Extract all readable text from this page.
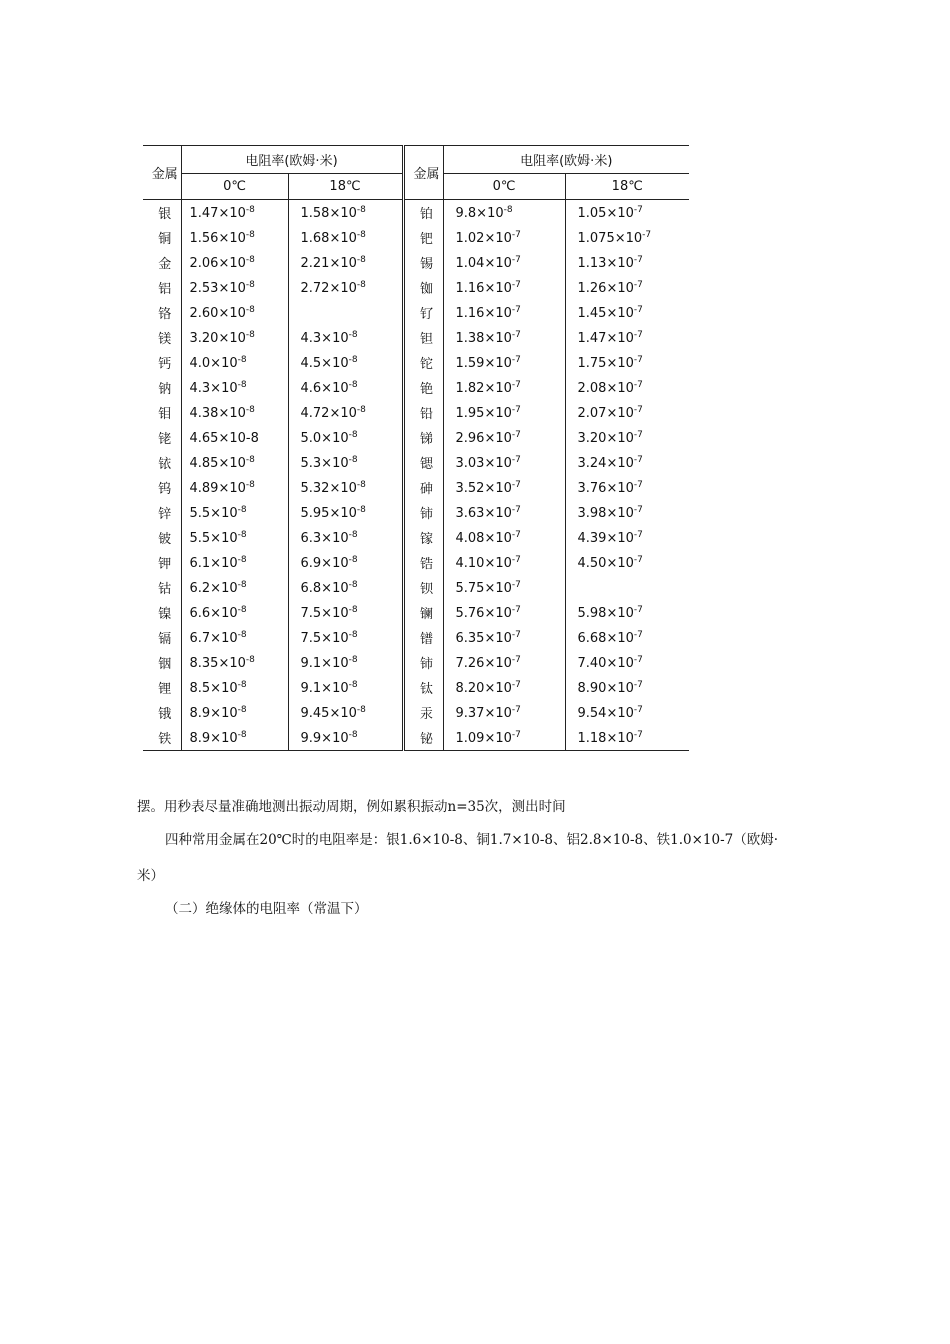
金属	电阻率(欧姆·米)		金属	电阻率(欧姆·米)	
	0℃	18℃		0℃	18℃
银	$1.47\times 10^{-8}$	$1.58\times 10^{-8}$	铂	$9.8\times 10^{-8}$	$1.05\times 10^{-7}$
铜	$1.56\times 10^{-8}$	$1.68\times 10^{-8}$	钯	$1.02\times 10^{-7}$	$1.075\times 10^{-7}$
金	$2.06\times 10^{-8}$	$2.21\times 10^{-8}$	锡	$1.04\times 10^{-7}$	$1.13\times 10^{-7}$
铝	$2.53\times 10^{-8}$	$2.72\times 10^{-8}$	铷	$1.16\times 10^{-7}$	$1.26\times 10^{-7}$
铬	$2.60\times 10^{-8}$		钌	$1.16\times 10^{-7}$	$1.45\times 10^{-7}$
镁	$3.20\times 10^{-8}$	$4.3\times 10^{-8}$	钽	$1.38\times 10^{-7}$	$1.47\times 10^{-7}$
钙	$4.0\times 10^{-8}$	$4.5\times 10^{-8}$	铊	$1.59\times 10^{-7}$	$1.75\times 10^{-7}$
钠	$4.3\times 10^{-8}$	$4.6\times 10^{-8}$	铯	$1.82\times 10^{-7}$	$2.08\times 10^{-7}$
钼	$4.38\times 10^{-8}$	$4.72\times 10^{-8}$	铅	$1.95\times 10^{-7}$	$2.07\times 10^{-7}$
铑	4.65×10-8	$5.0\times 10^{-8}$	锑	$2.96\times 10^{-7}$	$3.20\times 10^{-7}$
铱	$4.85\times 10^{-8}$	$5.3\times 10^{-8}$	锶	$3.03\times 10^{-7}$	$3.24\times 10^{-7}$
钨	$4.89\times 10^{-8}$	$5.32\times 10^{-8}$	砷	$3.52\times 10^{-7}$	$3.76\times 10^{-7}$
锌	$5.5\times 10^{-8}$	$5.95\times 10^{-8}$	铈	$3.63\times 10^{-7}$	$3.98\times 10^{-7}$
铍	$5.5\times 10^{-8}$	$6.3\times 10^{-8}$	镓	$4.08\times 10^{-7}$	$4.39\times 10^{-7}$
钾	$6.1\times 10^{-8}$	$6.9\times 10^{-8}$	锆	$4.10\times 10^{-7}$	$4.50\times 10^{-7}$
钴	$6.2\times 10^{-8}$	$6.8\times 10^{-8}$	钡	$5.75\times 10^{-7}$	
镍	$6.6\times 10^{-8}$	$7.5\times 10^{-8}$	镧	$5.76\times 10^{-7}$	$5.98\times 10^{-7}$
镉	$6.7\times 10^{-8}$	$7.5\times 10^{-8}$	镨	$6.35\times 10^{-7}$	$6.68\times 10^{-7}$
铟	$8.35\times 10^{-8}$	$9.1\times 10^{-8}$	铈	$7.26\times 10^{-7}$	$7.40\times 10^{-7}$
锂	$8.5\times 10^{-8}$	$9.1\times 10^{-8}$	钛	$8.20\times 10^{-7}$	$8.90\times 10^{-7}$
锇	$8.9\times 10^{-8}$	$9.45\times 10^{-8}$	汞	$9.37\times 10^{-7}$	$9.54\times 10^{-7}$
铁	$8.9\times 10^{-8}$	$9.9\times 10^{-8}$	铋	$1.09\times 10^{-7}$	$1.18\times 10^{-7}$

摆。用秒表尽量准确地测出振动周期，例如累积振动n=35次，测出时间

四种常用金属在20℃时的电阻率是：银1.6×10-8、铜1.7×10-8、铝2.8×10-8、铁1.0×10-7（欧姆·

米）

（二）绝缘体的电阻率（常温下）
